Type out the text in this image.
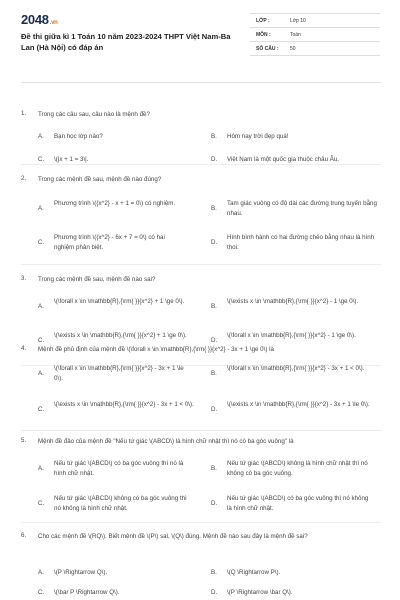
2048.vn
Đề thi giữa kì 1 Toán 10 năm 2023-2024 THPT Việt Nam-Ba Lan (Hà Nội) có đáp án
LỚP :	Lớp 10
MÔN :	Toán
SỐ CÂU :	50
1. Trong các câu sau, câu nào là mệnh đề?
A. Bạn học lớp nào?	B. Hôm nay trời đẹp quá!
C. \(|x + 1 = 3\|.	D. Việt Nam là một quốc gia thuộc châu Âu.
2. Trong các mệnh đề sau, mệnh đề nào đúng?
A.
Phương trình \({x^2} - x + 1 = 0\) có nghiệm.
B.
Tam giác vuông có độ dài các đường trung tuyến bằng nhau.
C.
Phương trình \({x^2} - 6x + 7 = 0\) có hai nghiệm phân biệt.
D.
Hình bình hành có hai đường chéo bằng nhau là hình thoi.
3. Trong các mệnh đề sau, mệnh đề nào sai?
A.
\(\forall x \in \mathbb{R},{\rm{ }}{x^2} + 1 \ge 0\).
B.
\(\exists x \in \mathbb{R},{\rm{ }}{x^2} - 1 \ge 0\).
C.
\(\exists x \in \mathbb{R},{\rm{ }}{x^2} + 1 \ge 0\).
D.
\(\forall x \in \mathbb{R},{\rm{ }}{x^2} - 1 \ge 0\).
4. Mệnh đề phủ định của mệnh đề \(\forall x \in \mathbb{R},{\rm{ }}{x^2} - 3x + 1 \ge 0\) là
A.
\(\forall x \in \mathbb{R},{\rm{ }}{x^2} - 3x + 1 \le 0\).
B.
\(\forall x \in \mathbb{R},{\rm{ }}{x^2} - 3x + 1 < 0\).
C.
\(\exists x \in \mathbb{R},{\rm{ }}{x^2} - 3x + 1 < 0\).
D.
\(\exists x \in \mathbb{R},{\rm{ }}{x^2} - 3x + 1 \le 0\).
5. Mệnh đề đảo của mệnh đề "Nếu tứ giác \(ABCD\) là hình chữ nhật thì nó có ba góc vuông" là
A.
Nếu tứ giác \(ABCD\) có ba góc vuông thì nó là hình chữ nhật.
B.
Nếu tứ giác \(ABCD\) không là hình chữ nhật thì nó không có ba góc vuông.
C.
Nếu tứ giác \(ABCD\) không có ba góc vuông thì nó không là hình chữ nhật.
D.
Nếu tứ giác \(ABCD\) có ba góc vuông thì nó không là hình chữ nhật.
6. Cho các mệnh đề \(RQ\). Biết mệnh đề \(P\) sai, \(Q\) đúng. Mệnh đề nào sau đây là mệnh đề sai?
A. \(P \Rightarrow Q\).	B. \(Q \Rightarrow P\).
C. \(\bar P \Rightarrow Q\).	D. \(P \Rightarrow \bar Q\).
